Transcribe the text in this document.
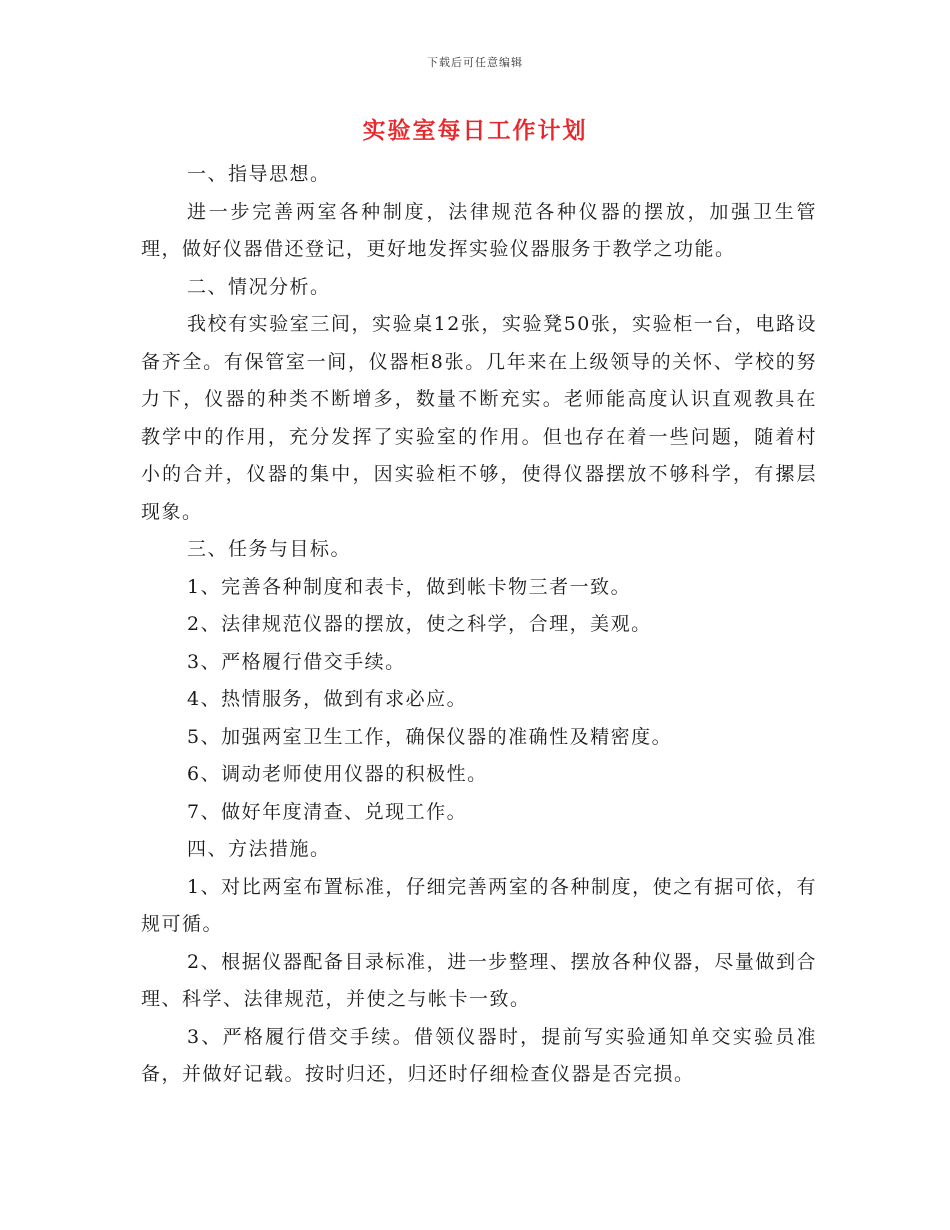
下载后可任意编辑
实验室每日工作计划

一、指导思想。

进一步完善两室各种制度，法律规范各种仪器的摆放，加强卫生管理，做好仪器借还登记，更好地发挥实验仪器服务于教学之功能。

二、情况分析。

我校有实验室三间，实验桌12张，实验凳50张，实验柜一台，电路设备齐全。有保管室一间，仪器柜8张。几年来在上级领导的关怀、学校的努力下，仪器的种类不断增多，数量不断充实。老师能高度认识直观教具在教学中的作用，充分发挥了实验室的作用。但也存在着一些问题，随着村小的合并，仪器的集中，因实验柜不够，使得仪器摆放不够科学，有摞层现象。

三、任务与目标。

1、完善各种制度和表卡，做到帐卡物三者一致。

2、法律规范仪器的摆放，使之科学，合理，美观。

3、严格履行借交手续。

4、热情服务，做到有求必应。

5、加强两室卫生工作，确保仪器的准确性及精密度。

6、调动老师使用仪器的积极性。

7、做好年度清查、兑现工作。

四、方法措施。

1、对比两室布置标准，仔细完善两室的各种制度，使之有据可依，有规可循。

2、根据仪器配备目录标准，进一步整理、摆放各种仪器，尽量做到合理、科学、法律规范，并使之与帐卡一致。

3、严格履行借交手续。借领仪器时，提前写实验通知单交实验员准备，并做好记载。按时归还，归还时仔细检查仪器是否完损。
